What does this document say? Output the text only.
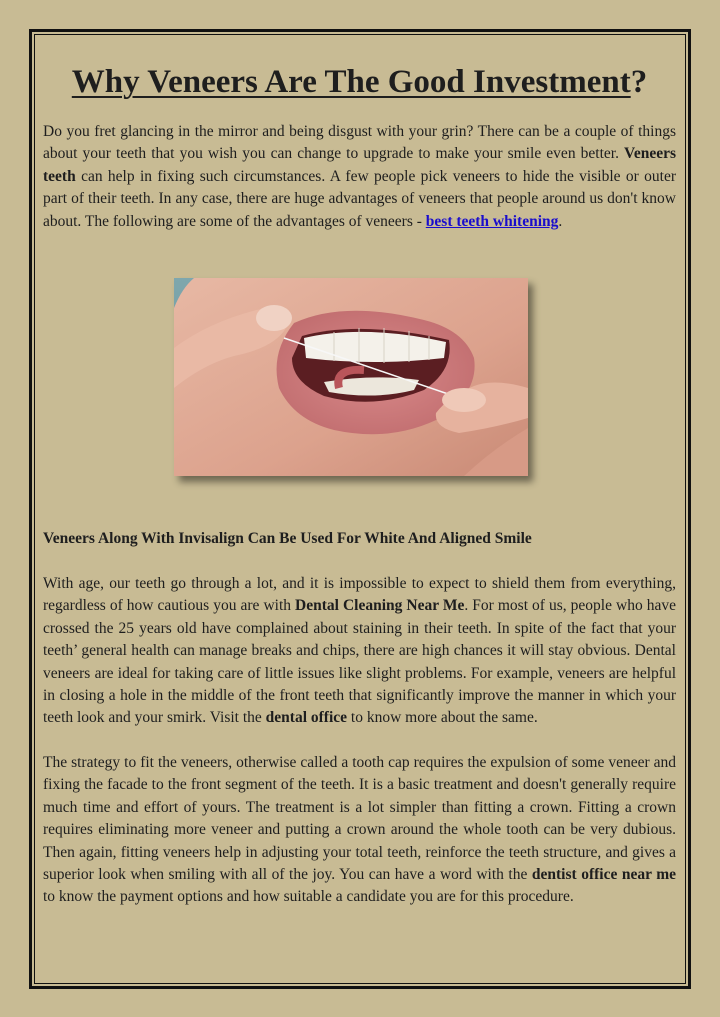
Why Veneers Are The Good Investment?

Do you fret glancing in the mirror and being disgust with your grin? There can be a couple of things about your teeth that you wish you can change to upgrade to make your smile even better. Veneers teeth can help in fixing such circumstances. A few people pick veneers to hide the visible or outer part of their teeth. In any case, there are huge advantages of veneers that people around us don't know about. The following are some of the advantages of veneers - best teeth whitening.

Veneers Along With Invisalign Can Be Used For White And Aligned Smile

With age, our teeth go through a lot, and it is impossible to expect to shield them from everything, regardless of how cautious you are with Dental Cleaning Near Me. For most of us, people who have crossed the 25 years old have complained about staining in their teeth. In spite of the fact that your teeth’ general health can manage breaks and chips, there are high chances it will stay obvious. Dental veneers are ideal for taking care of little issues like slight problems. For example, veneers are helpful in closing a hole in the middle of the front teeth that significantly improve the manner in which your teeth look and your smirk. Visit the dental office to know more about the same.

The strategy to fit the veneers, otherwise called a tooth cap requires the expulsion of some veneer and fixing the facade to the front segment of the teeth. It is a basic treatment and doesn't generally require much time and effort of yours. The treatment is a lot simpler than fitting a crown. Fitting a crown requires eliminating more veneer and putting a crown around the whole tooth can be very dubious. Then again, fitting veneers help in adjusting your total teeth, reinforce the teeth structure, and gives a superior look when smiling with all of the joy. You can have a word with the dentist office near me to know the payment options and how suitable a candidate you are for this procedure.
